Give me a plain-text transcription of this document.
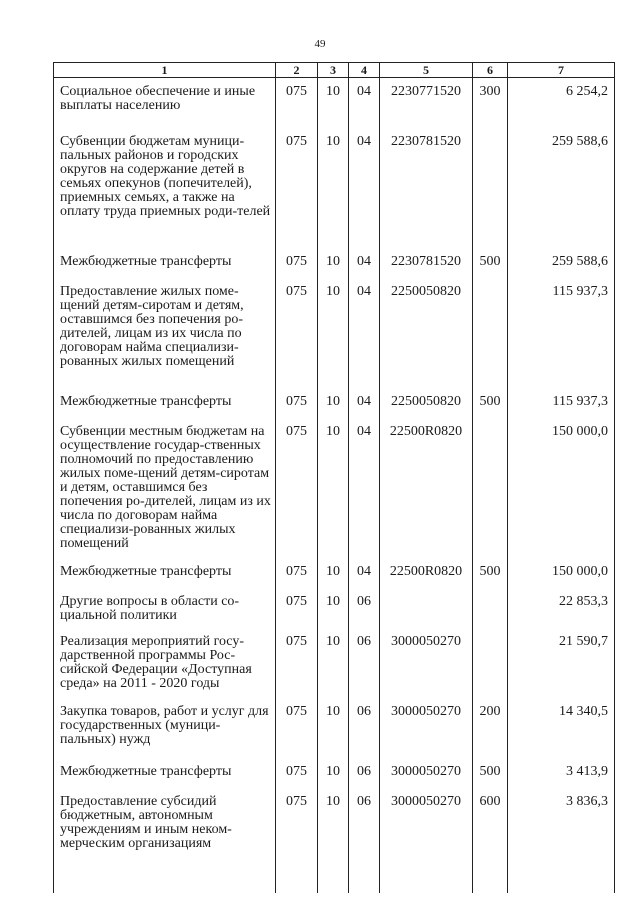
49
1	2	3	4	5	6	7
Социальное обеспечение и иные выплаты населению	075	10	04	2230771520	300	6 254,2
Субвенции бюджетам муници-пальных районов и городских округов на содержание детей в семьях опекунов (попечителей), приемных семьях, а также на оплату труда приемных роди-телей	075	10	04	2230781520		259 588,6
Межбюджетные трансферты	075	10	04	2230781520	500	259 588,6
Предоставление жилых поме-щений детям-сиротам и детям, оставшимся без попечения ро-дителей, лицам из их числа по договорам найма специализи-рованных жилых помещений	075	10	04	2250050820		115 937,3
Межбюджетные трансферты	075	10	04	2250050820	500	115 937,3
Субвенции местным бюджетам на осуществление государ-ственных полномочий по предоставлению жилых поме-щений детям-сиротам и детям, оставшимся без попечения ро-дителей, лицам из их числа по договорам найма специализи-рованных жилых помещений	075	10	04	22500R0820		150 000,0
Межбюджетные трансферты	075	10	04	22500R0820	500	150 000,0
Другие вопросы в области со-циальной политики	075	10	06			22 853,3
Реализация мероприятий госу-дарственной программы Рос-сийской Федерации «Доступная среда» на 2011 - 2020 годы	075	10	06	3000050270		21 590,7
Закупка товаров, работ и услуг для государственных (муници-пальных) нужд	075	10	06	3000050270	200	14 340,5
Межбюджетные трансферты	075	10	06	3000050270	500	3 413,9
Предоставление субсидий бюджетным, автономным учреждениям и иным неком-мерческим организациям	075	10	06	3000050270	600	3 836,3
